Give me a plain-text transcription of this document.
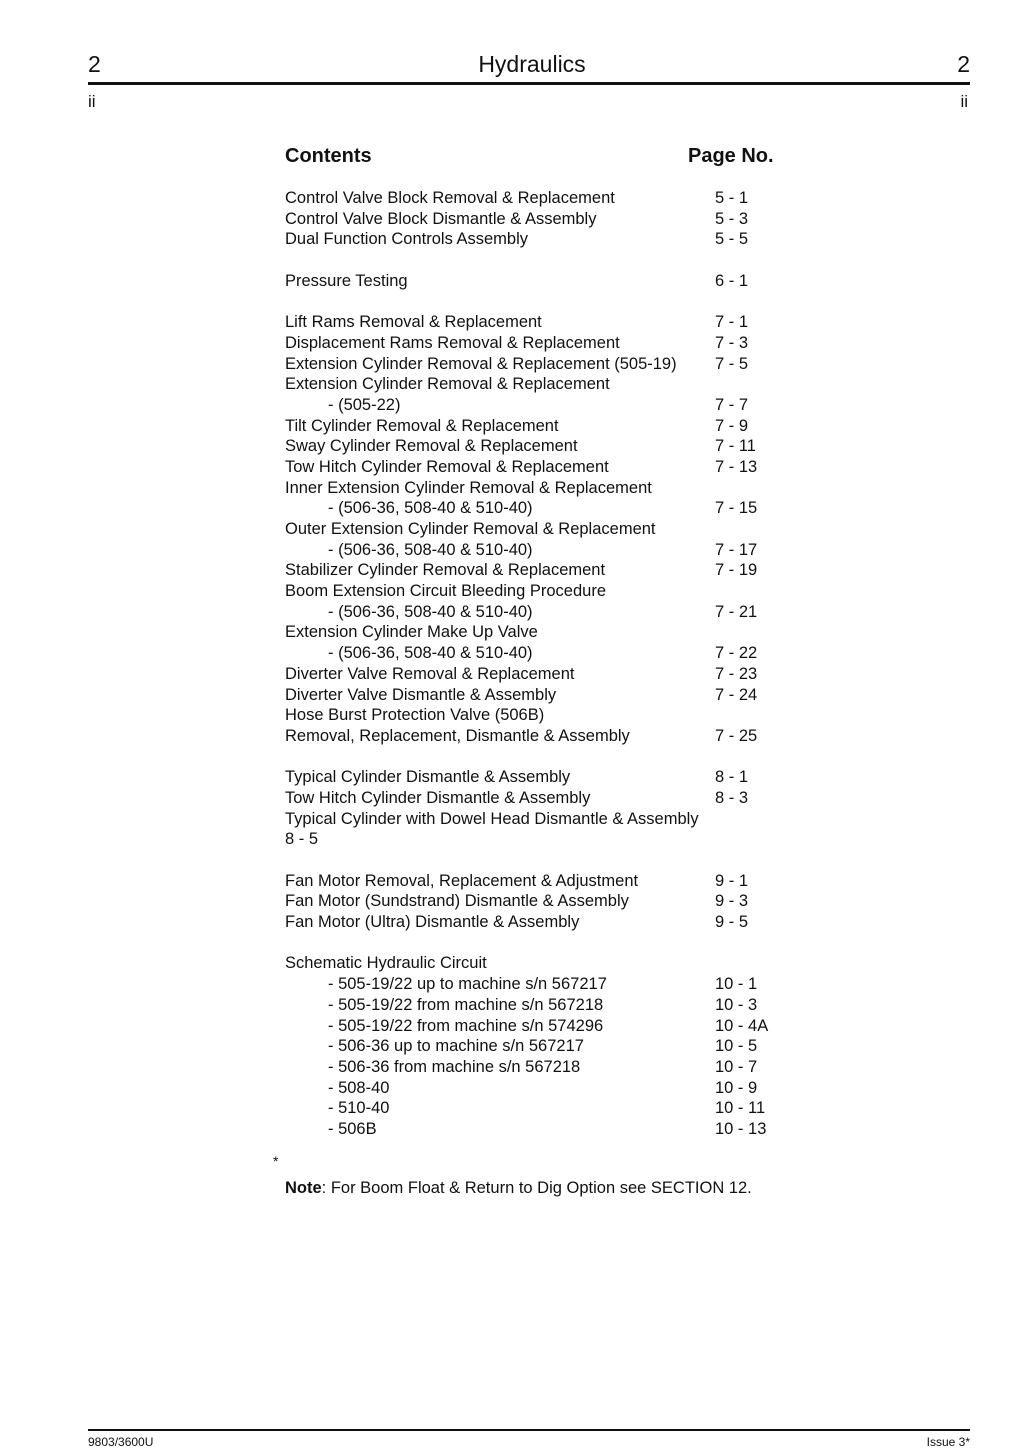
2	Hydraulics	2
ii	ii
Contents	Page No.
Control Valve Block Removal & Replacement	5 - 1
Control Valve Block Dismantle & Assembly	5 - 3
Dual Function Controls Assembly	5 - 5
Pressure Testing	6 - 1
Lift Rams Removal & Replacement	7 - 1
Displacement Rams Removal & Replacement	7 - 3
Extension Cylinder Removal & Replacement (505-19) 7 - 5
Extension Cylinder Removal & Replacement
- (505-22)	7 - 7
Tilt Cylinder Removal & Replacement	7 - 9
Sway Cylinder Removal & Replacement	7 - 11
Tow Hitch Cylinder Removal & Replacement	7 - 13
Inner Extension Cylinder Removal & Replacement
- (506-36, 508-40 & 510-40)	7 - 15
Outer Extension Cylinder Removal & Replacement
- (506-36, 508-40 & 510-40)	7 - 17
Stabilizer Cylinder Removal & Replacement	7 - 19
Boom Extension Circuit Bleeding Procedure
- (506-36, 508-40 & 510-40)	7 - 21
Extension Cylinder Make Up Valve
- (506-36, 508-40 & 510-40)	7 - 22
Diverter Valve Removal & Replacement	7 - 23
Diverter Valve Dismantle & Assembly	7 - 24
Hose Burst Protection Valve (506B)
Removal, Replacement, Dismantle & Assembly	7 - 25
Typical Cylinder Dismantle & Assembly	8 - 1
Tow Hitch Cylinder Dismantle & Assembly	8 - 3
Typical Cylinder with Dowel Head Dismantle & Assembly
8 - 5
Fan Motor Removal, Replacement & Adjustment	9 - 1
Fan Motor (Sundstrand) Dismantle & Assembly	9 - 3
Fan Motor (Ultra) Dismantle & Assembly	9 - 5
Schematic Hydraulic Circuit
- 505-19/22 up to machine s/n 567217	10 - 1
- 505-19/22 from machine s/n 567218	10 - 3
- 505-19/22 from machine s/n 574296	10 - 4A
- 506-36 up to machine s/n 567217	10 - 5
- 506-36 from machine s/n 567218	10 - 7
- 508-40	10 - 9
- 510-40	10 - 11
- 506B	10 - 13
*
Note: For Boom Float & Return to Dig Option see SECTION 12.
9803/3600U	Issue 3*
